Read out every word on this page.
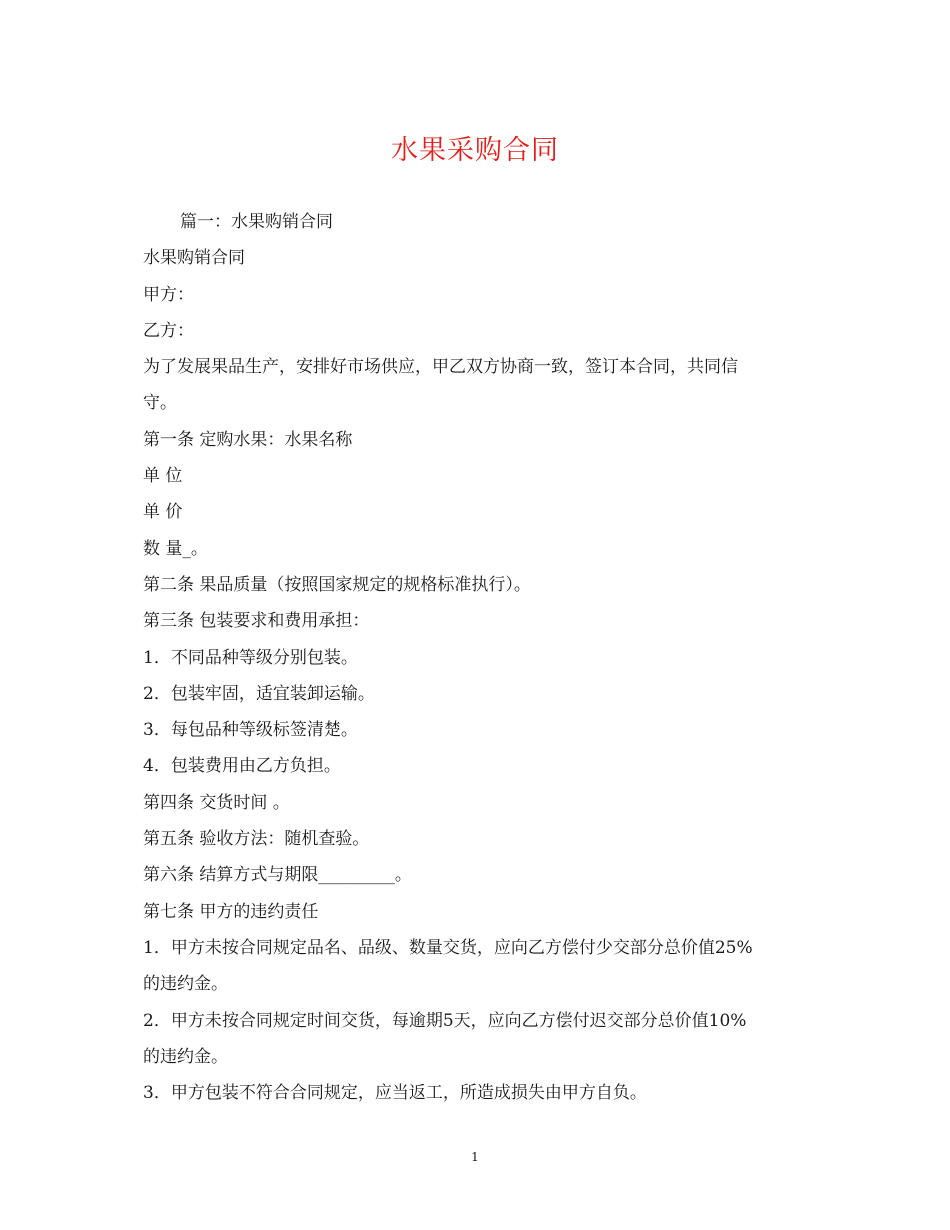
水果采购合同

篇一：水果购销合同

水果购销合同

甲方：

乙方：

为了发展果品生产，安排好市场供应，甲乙双方协商一致，签订本合同，共同信

守。

第一条 定购水果：水果名称

单 位

单 价

数 量_。

第二条 果品质量（按照国家规定的规格标准执行）。

第三条 包装要求和费用承担：

1．不同品种等级分别包装。

2．包装牢固，适宜装卸运输。

3．每包品种等级标签清楚。

4．包装费用由乙方负担。

第四条 交货时间 。

第五条 验收方法：随机查验。

第六条 结算方式与期限_________。

第七条 甲方的违约责任

1．甲方未按合同规定品名、品级、数量交货，应向乙方偿付少交部分总价值25%

的违约金。

2．甲方未按合同规定时间交货，每逾期5天，应向乙方偿付迟交部分总价值10%

的违约金。

3．甲方包装不符合合同规定，应当返工，所造成损失由甲方自负。

1
